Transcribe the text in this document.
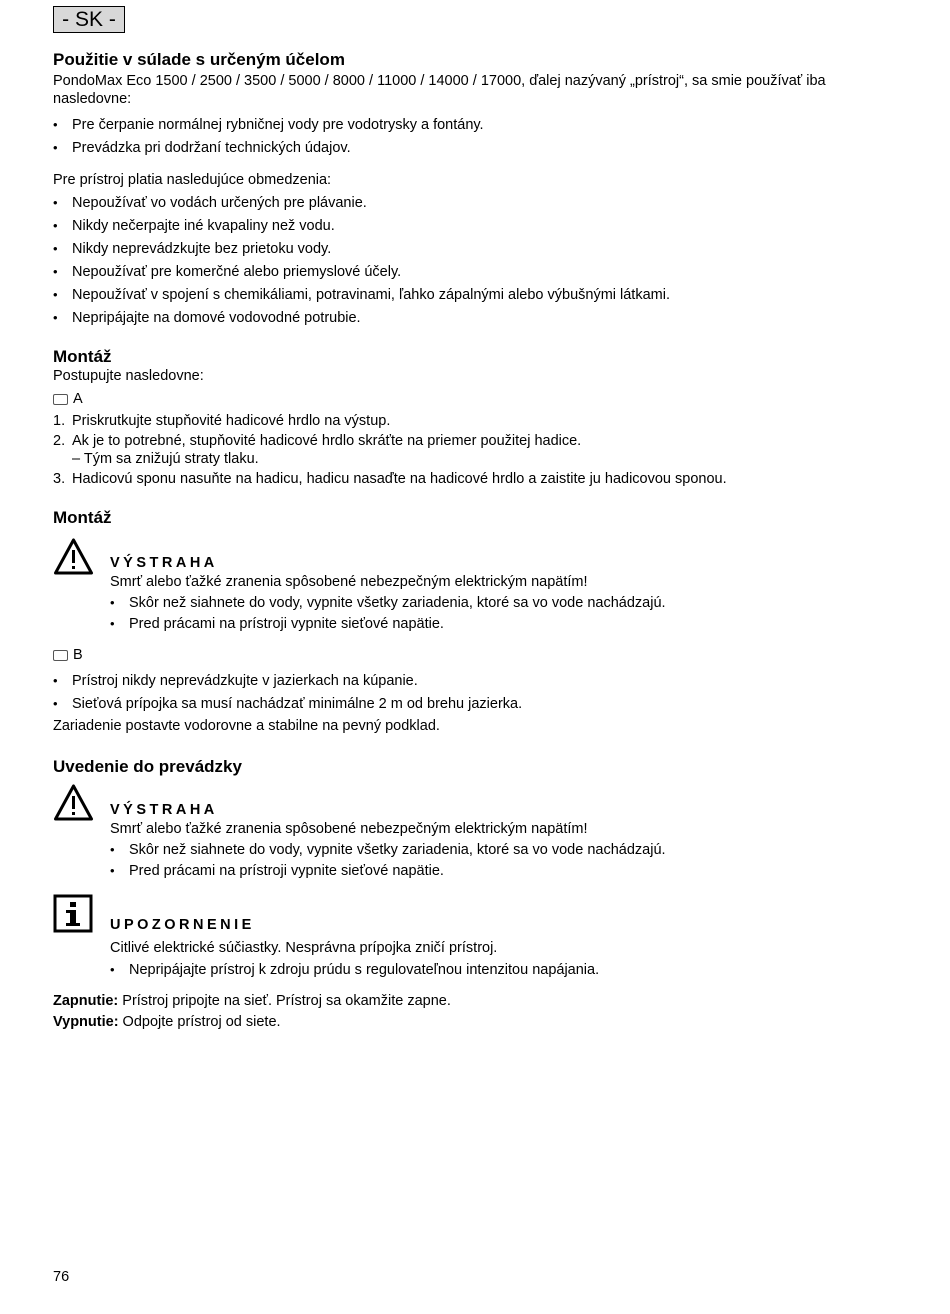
- SK -
Použitie v súlade s určeným účelom

PondoMax Eco 1500 / 2500 / 3500 / 5000 / 8000 / 11000 / 14000 / 17000, ďalej nazývaný „prístroj“, sa smie používať iba nasledovne:

• Pre čerpanie normálnej rybničnej vody pre vodotrysky a fontány.
• Prevádzka pri dodržaní technických údajov.

Pre prístroj platia nasledujúce obmedzenia:

• Nepoužívať vo vodách určených pre plávanie.
• Nikdy nečerpajte iné kvapaliny než vodu.
• Nikdy neprevádzkujte bez prietoku vody.
• Nepoužívať pre komerčné alebo priemyslové účely.
• Nepoužívať v spojení s chemikáliami, potravinami, ľahko zápalnými alebo výbušnými látkami.
• Nepripájajte na domové vodovodné potrubie.
Montáž

Postupujte nasledovne:

A
1. Priskrutkujte stupňovité hadicové hrdlo na výstup.
2. Ak je to potrebné, stupňovité hadicové hrdlo skráťte na priemer použitej hadice.
– Tým sa znižujú straty tlaku.
3. Hadicovú sponu nasuňte na hadicu, hadicu nasaďte na hadicové hrdlo a zaistite ju hadicovou sponou.
Montáž
VÝSTRAHA

Smrť alebo ťažké zranenia spôsobené nebezpečným elektrickým napätím!

• Skôr než siahnete do vody, vypnite všetky zariadenia, ktoré sa vo vode nachádzajú.
• Pred prácami na prístroji vypnite sieťové napätie.
B
• Prístroj nikdy neprevádzkujte v jazierkach na kúpanie.
• Sieťová prípojka sa musí nachádzať minimálne 2 m od brehu jazierka.

Zariadenie postavte vodorovne a stabilne na pevný podklad.

Uvedenie do prevádzky
VÝSTRAHA

Smrť alebo ťažké zranenia spôsobené nebezpečným elektrickým napätím!

• Skôr než siahnete do vody, vypnite všetky zariadenia, ktoré sa vo vode nachádzajú.
• Pred prácami na prístroji vypnite sieťové napätie.
UPOZORNENIE

Citlivé elektrické súčiastky. Nesprávna prípojka zničí prístroj.

• Nepripájajte prístroj k zdroju prúdu s regulovateľnou intenzitou napájania.

Zapnutie: Prístroj pripojte na sieť. Prístroj sa okamžite zapne.

Vypnutie: Odpojte prístroj od siete.

76
